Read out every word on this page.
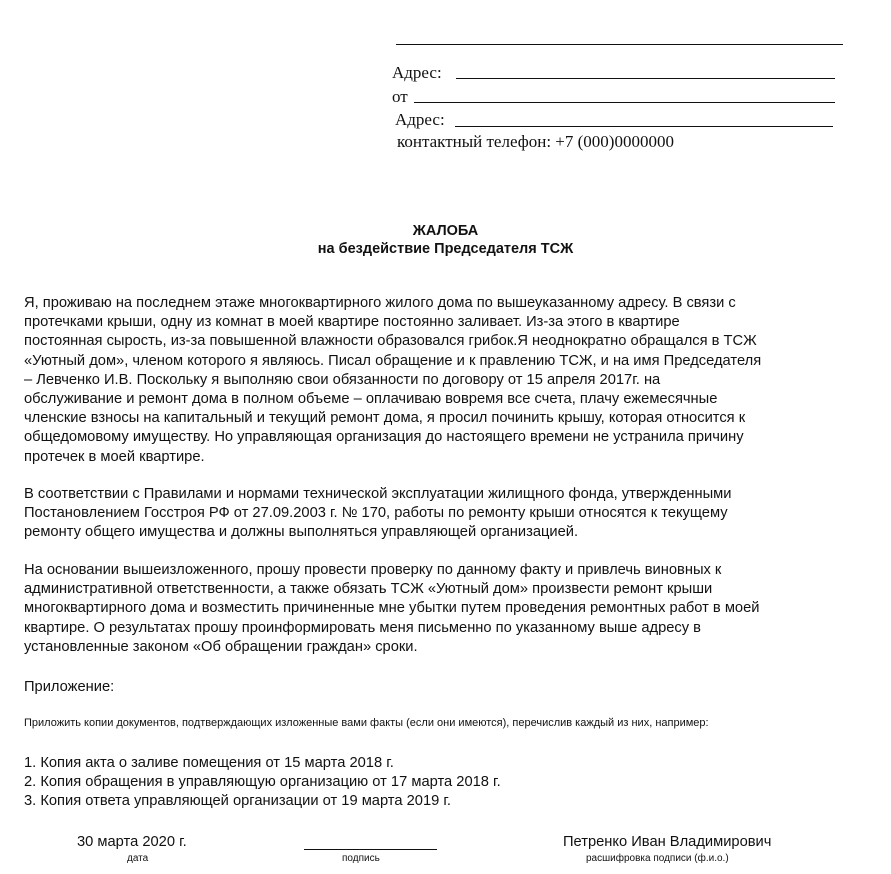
Адрес:
от
Адрес:
контактный телефон: +7 (000)0000000
ЖАЛОБА
на бездействие Председателя ТСЖ
Я, проживаю на последнем этаже многоквартирного жилого дома по вышеуказанному адресу. В связи с
протечками крыши, одну из комнат в моей квартире постоянно заливает. Из-за этого в квартире
постоянная сырость, из-за повышенной влажности образовался грибок.Я неоднократно обращался в ТСЖ
«Уютный дом», членом которого я являюсь. Писал обращение и к правлению ТСЖ, и на имя Председателя
– Левченко И.В. Поскольку я выполняю свои обязанности по договору от 15 апреля 2017г. на
обслуживание и ремонт дома в полном объеме – оплачиваю вовремя все счета, плачу ежемесячные
членские взносы на капитальный и текущий ремонт дома, я просил починить крышу, которая относится к
общедомовому имуществу. Но управляющая организация до настоящего времени не устранила причину
протечек в моей квартире.
В соответствии с Правилами и нормами технической эксплуатации жилищного фонда, утвержденными
Постановлением Госстроя РФ от 27.09.2003 г. № 170, работы по ремонту крыши относятся к текущему
ремонту общего имущества и должны выполняться управляющей организацией.
На основании вышеизложенного, прошу провести проверку по данному факту и привлечь виновных к
административной ответственности, а также обязать ТСЖ «Уютный дом» произвести ремонт крыши
многоквартирного дома и возместить причиненные мне убытки путем проведения ремонтных работ в моей
квартире. О результатах прошу проинформировать меня письменно по указанному выше адресу в
установленные законом «Об обращении граждан» сроки.
Приложение:
Приложить копии документов, подтверждающих изложенные вами факты (если они имеются), перечислив каждый из них, например:
1. Копия акта о заливе помещения от 15 марта 2018 г.
2. Копия обращения в управляющую организацию от 17 марта 2018 г.
3. Копия ответа управляющей организации от 19 марта 2019 г.
30 марта 2020 г.
дата	подпись
Петренко Иван Владимирович
расшифровка подписи (ф.и.о.)
